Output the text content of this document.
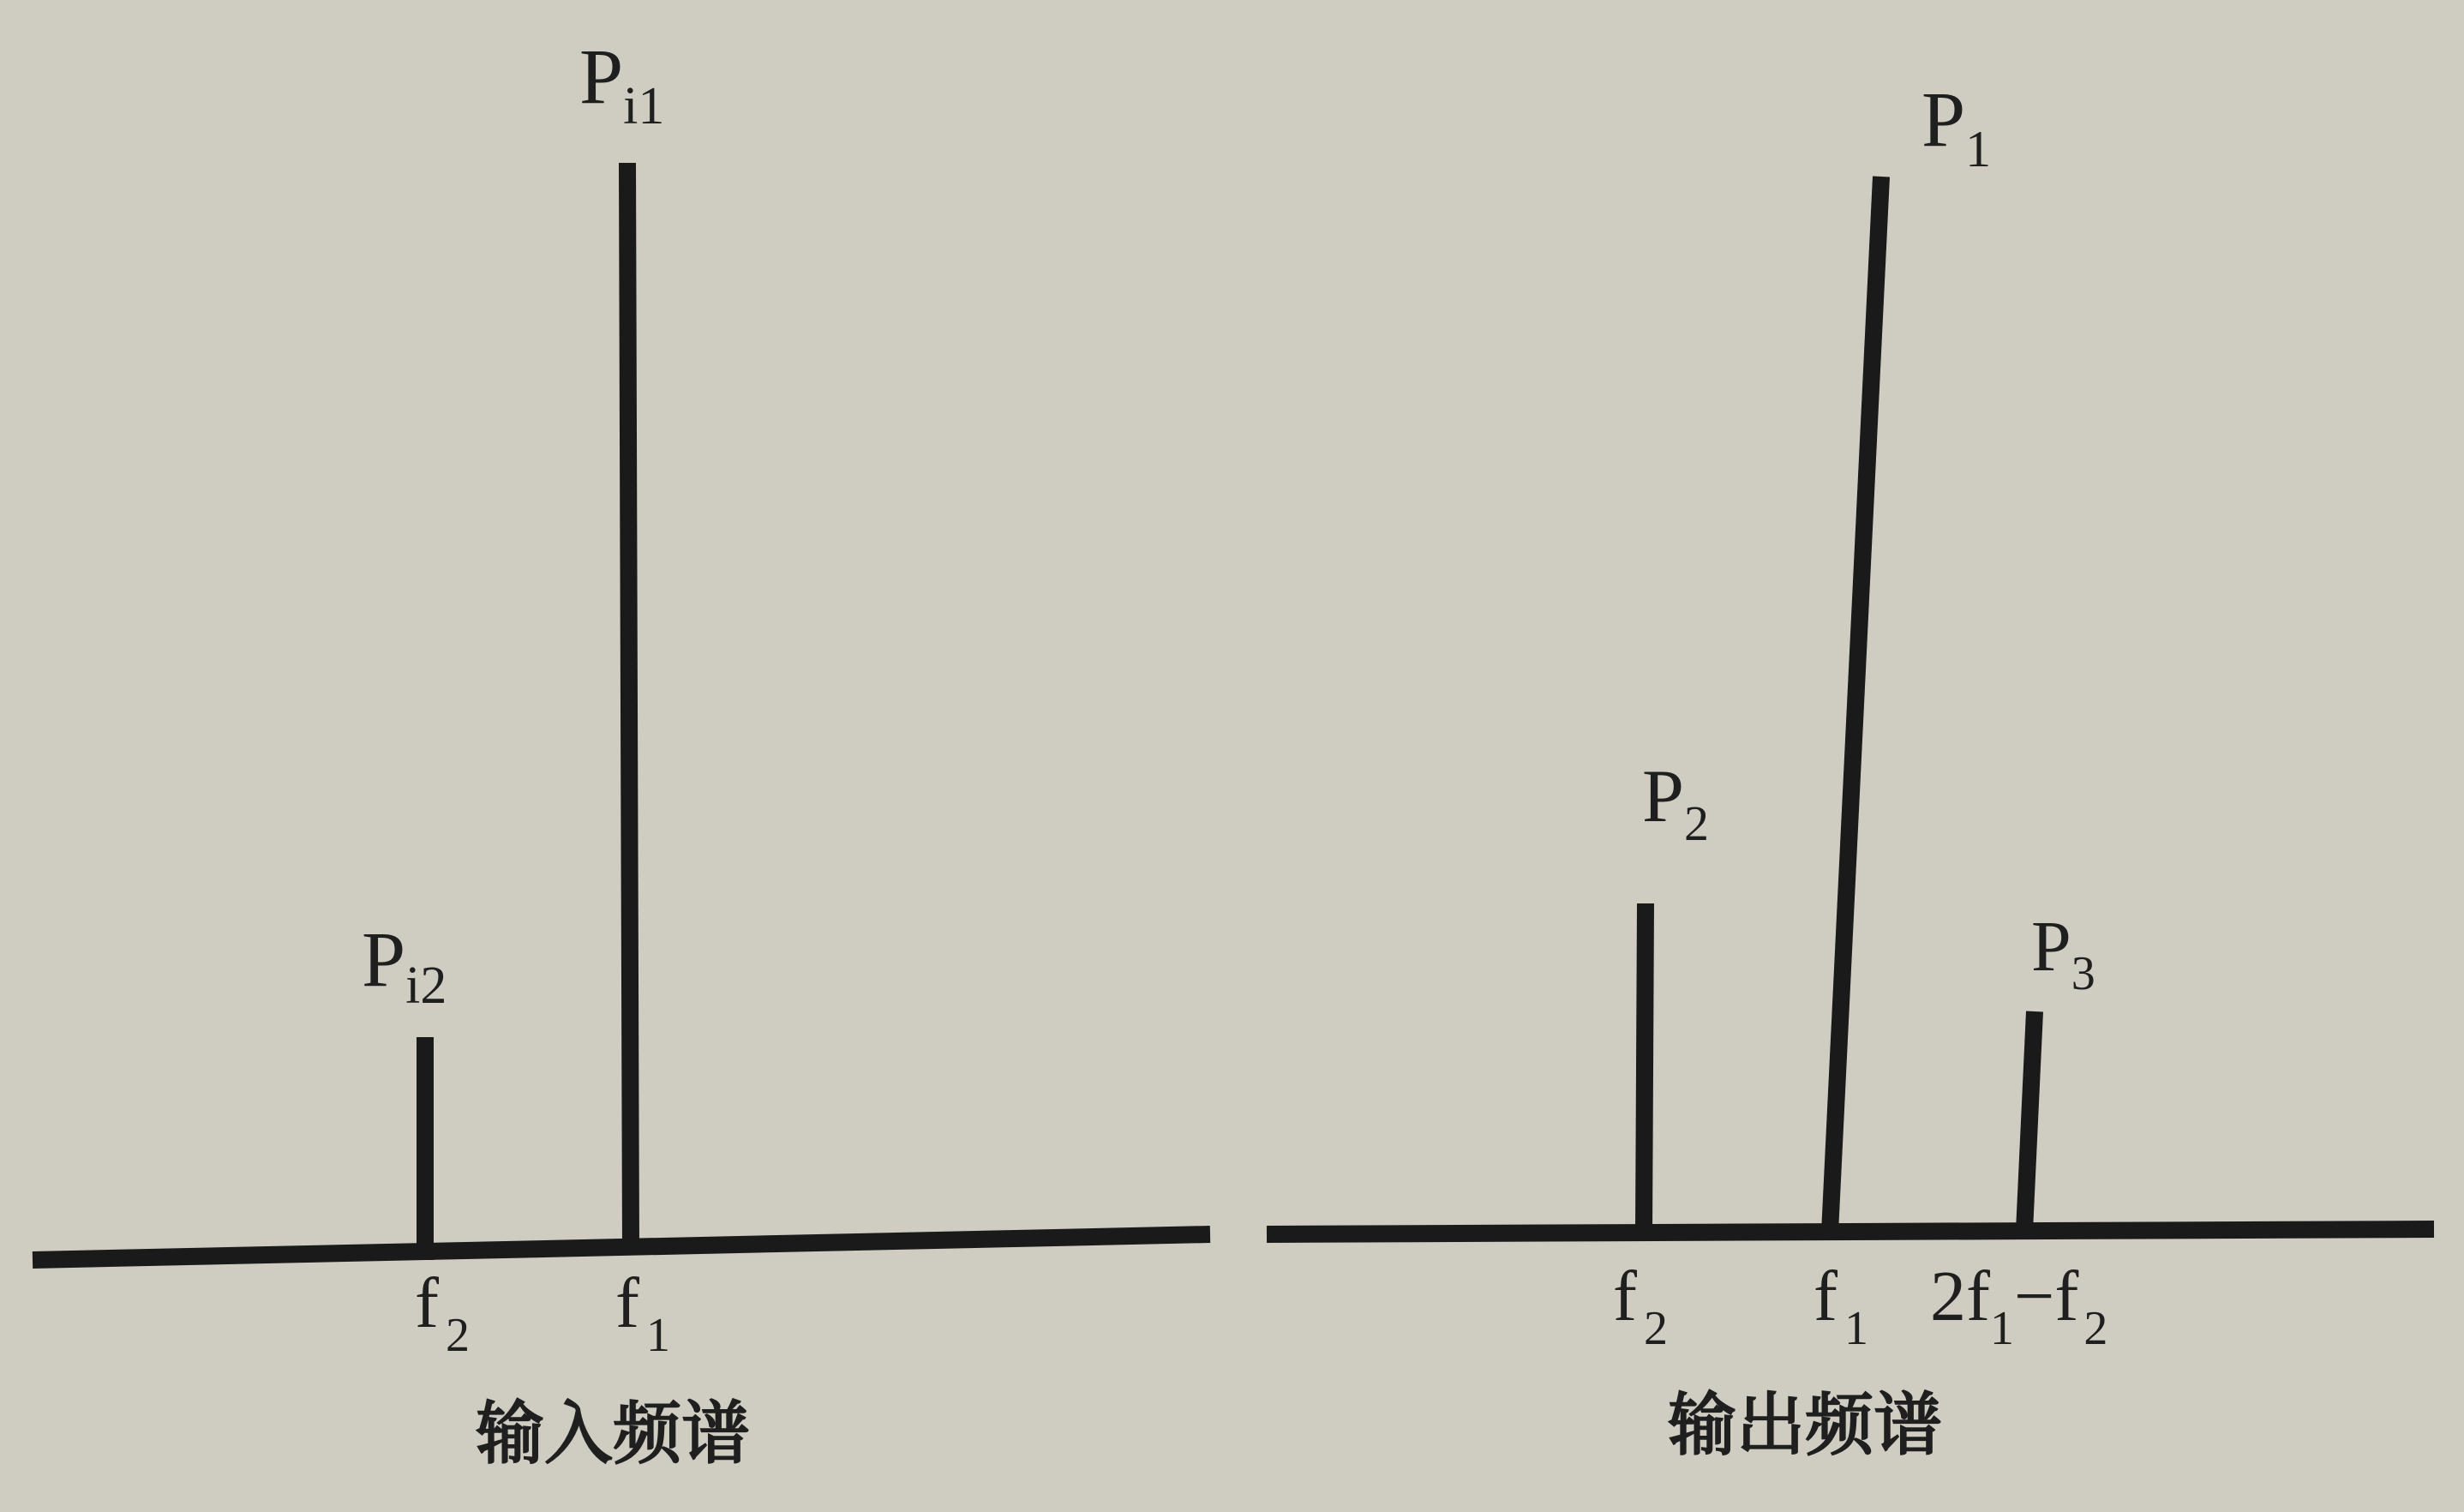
$P_{i2}$
$P_{i1}$
f $_2$ f $_1$
输入频谱
$P_2$
$P_1$
$P_3$
f $_2$ f $_1$ $2f_1-f$ $_2$
输出频谱
